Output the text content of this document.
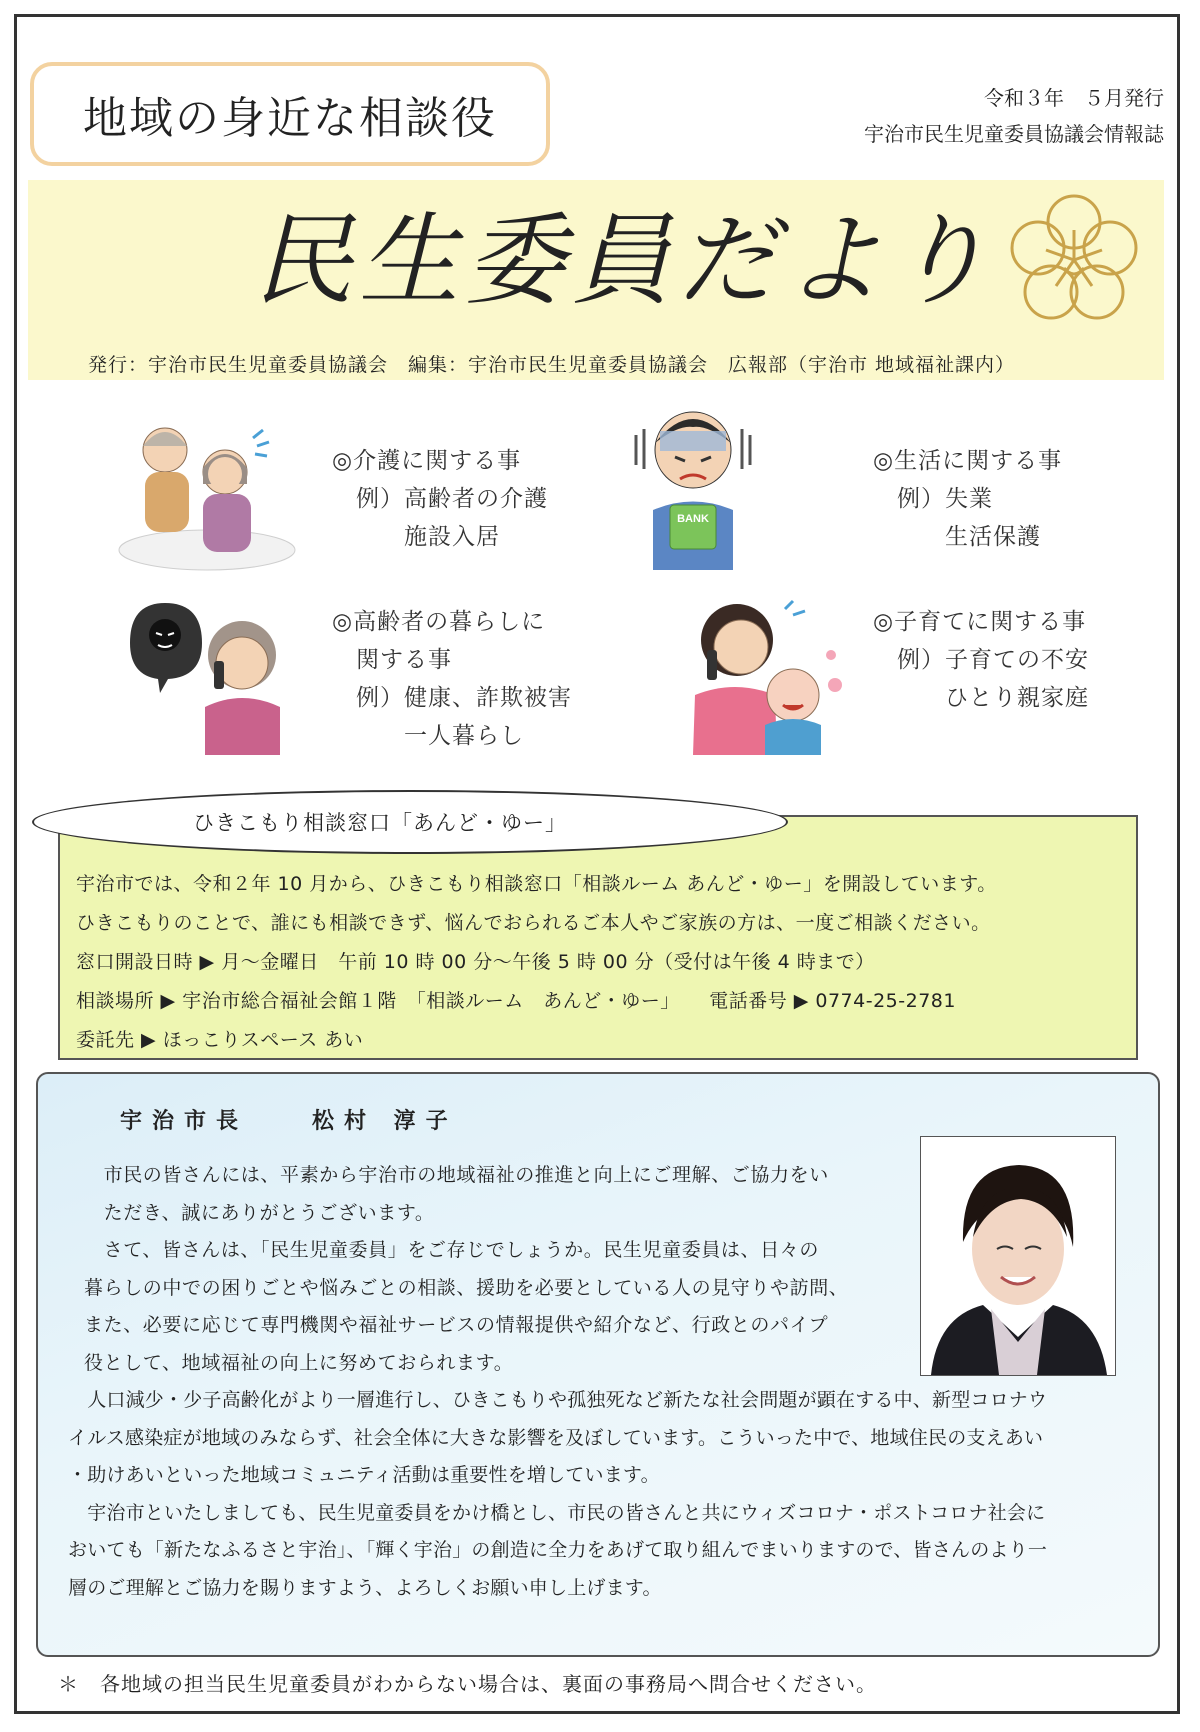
地域の身近な相談役	令和３年　５月発行
宇治市民生児童委員協議会情報誌
民生委員だより
発行：宇治市民生児童委員協議会　編集：宇治市民生児童委員協議会　広報部（宇治市 地域福祉課内）
◎介護に関する事
　例）高齢者の介護
　　　施設入居
BANK
◎生活に関する事
　例）失業
　　　生活保護
◎高齢者の暮らしに
　関する事
　例）健康、詐欺被害
　　　一人暮らし
◎子育てに関する事
　例）子育ての不安
　　　ひとり親家庭
宇治市では、令和２年 10 月から、ひきこもり相談窓口「相談ルーム あんど・ゆー」を開設しています。
ひきこもりのことで、誰にも相談できず、悩んでおられるご本人やご家族の方は、一度ご相談ください。
窓口開設日時 ▶ 月～金曜日　午前 10 時 00 分～午後 5 時 00 分（受付は午後 4 時まで）
相談場所 ▶ 宇治市総合福祉会館１階　「相談ルーム　あんど・ゆー」　　電話番号 ▶ 0774-25-2781
委託先 ▶ ほっこりスペース あい
ひきこもり相談窓口「あんど・ゆー」
宇治市長　　松村 淳子
　市民の皆さんには、平素から宇治市の地域福祉の推進と向上にご理解、ご協力をい
　ただき、誠にありがとうございます。
　さて、皆さんは、「民生児童委員」をご存じでしょうか。民生児童委員は、日々の
暮らしの中での困りごとや悩みごとの相談、援助を必要としている人の見守りや訪問、
また、必要に応じて専門機関や福祉サービスの情報提供や紹介など、行政とのパイプ
役として、地域福祉の向上に努めておられます。
　人口減少・少子高齢化がより一層進行し、ひきこもりや孤独死など新たな社会問題が顕在する中、新型コロナウ
イルス感染症が地域のみならず、社会全体に大きな影響を及ぼしています。こういった中で、地域住民の支えあい
・助けあいといった地域コミュニティ活動は重要性を増しています。
　宇治市といたしましても、民生児童委員をかけ橋とし、市民の皆さんと共にウィズコロナ・ポストコロナ社会に
おいても「新たなふるさと宇治」、「輝く宇治」の創造に全力をあげて取り組んでまいりますので、皆さんのより一
層のご理解とご協力を賜りますよう、よろしくお願い申し上げます。
＊　各地域の担当民生児童委員がわからない場合は、裏面の事務局へ問合せください。
